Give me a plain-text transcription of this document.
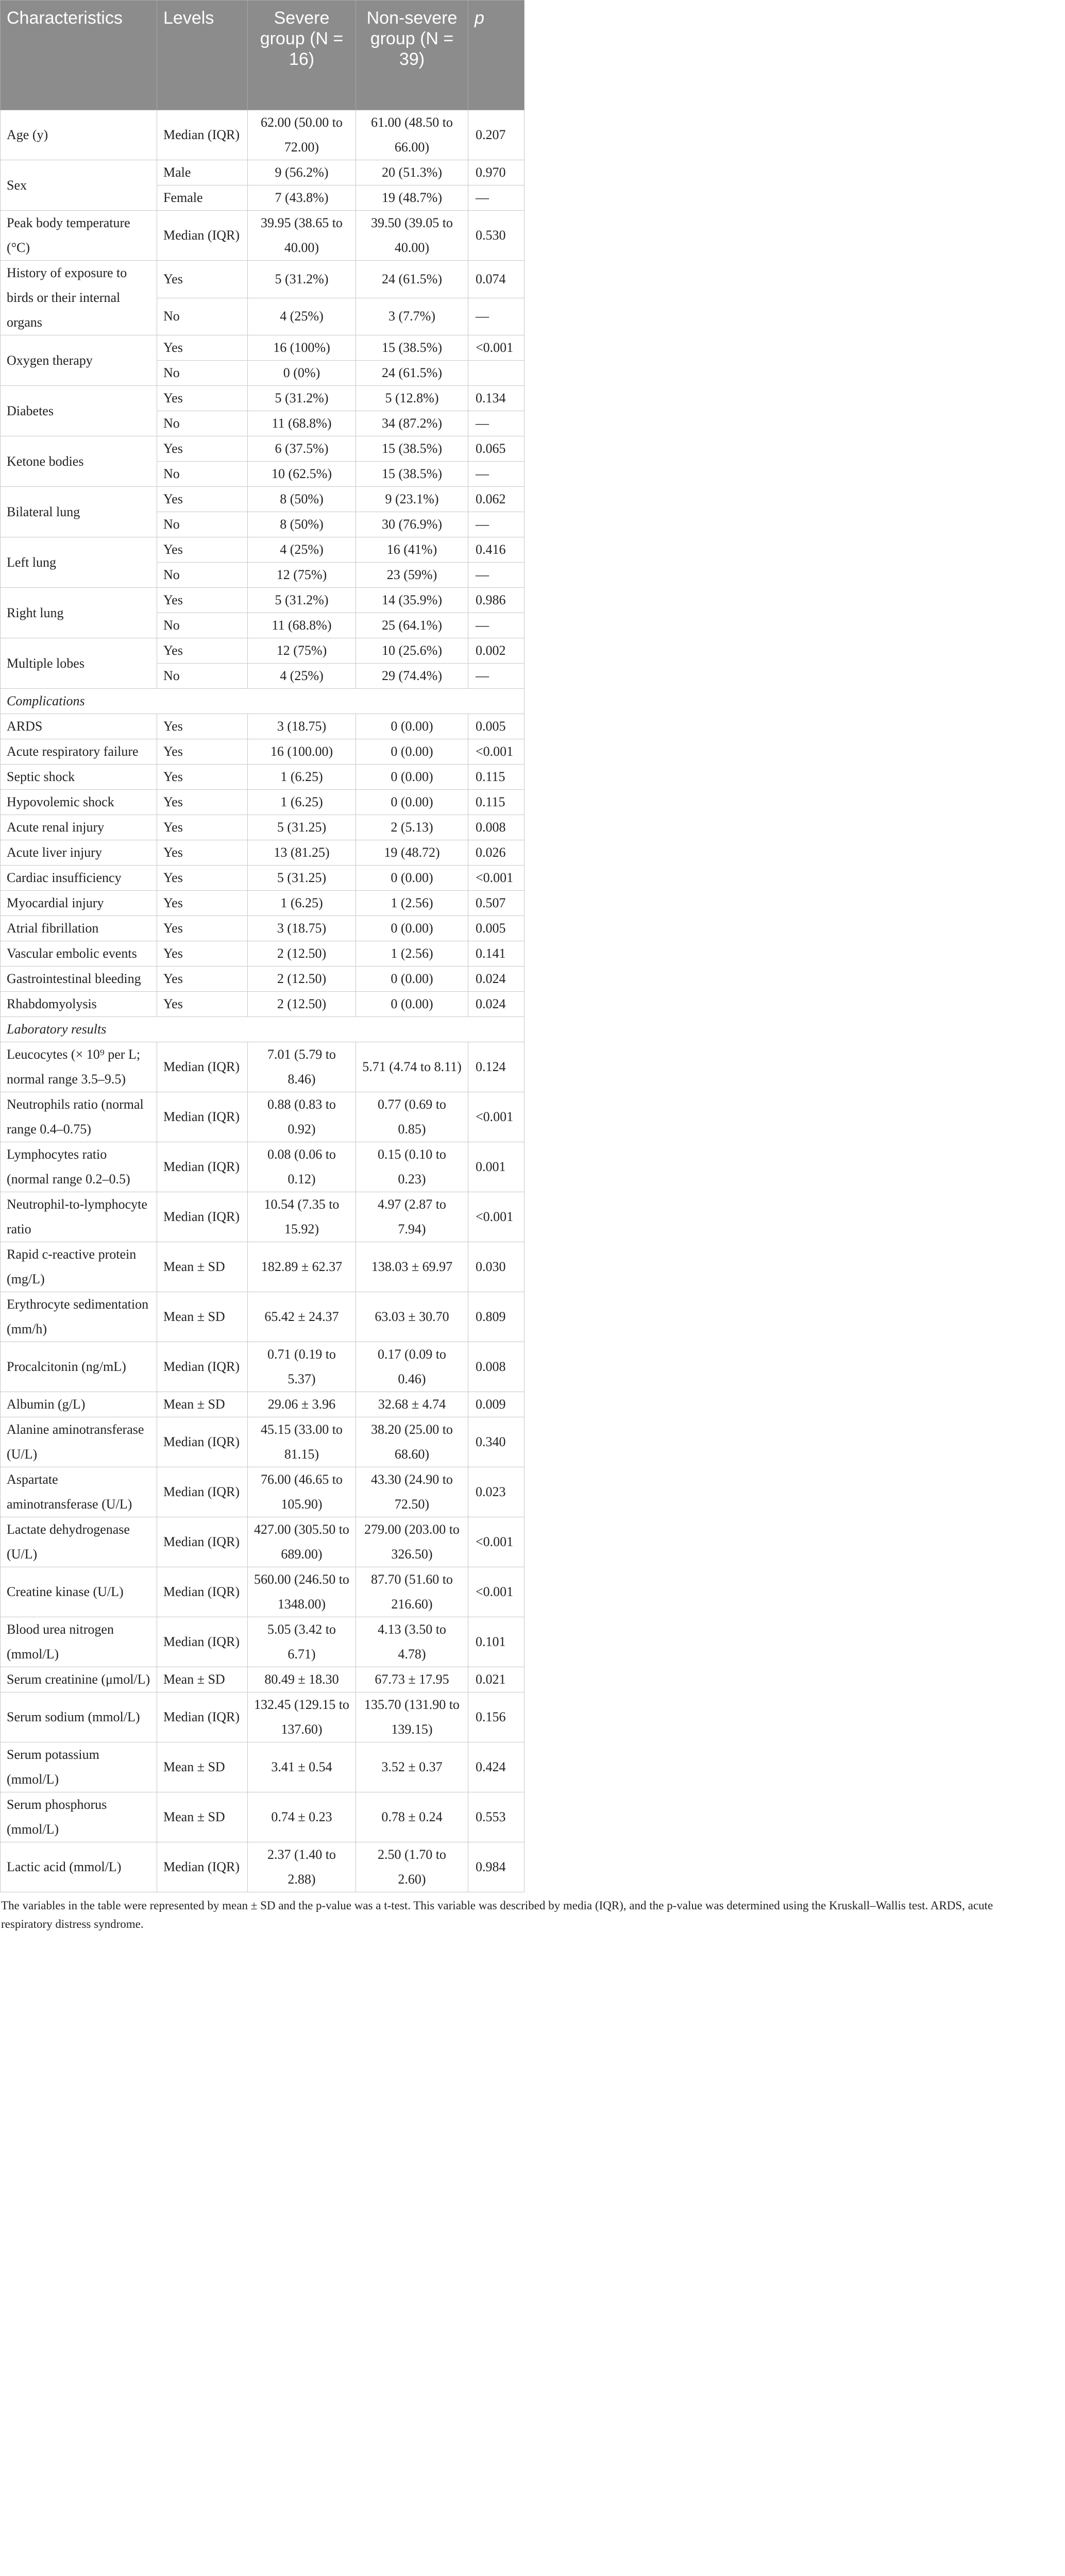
Characteristics	Levels	Severe group (N = 16)	Non-severe group (N = 39)	p
Age (y)	Median (IQR)	62.00 (50.00 to 72.00)	61.00 (48.50 to 66.00)	0.207
Sex	Male	9 (56.2%)	20 (51.3%)	0.970
	Female	7 (43.8%)	19 (48.7%)	—
Peak body temperature (°C)	Median (IQR)	39.95 (38.65 to 40.00)	39.50 (39.05 to 40.00)	0.530
History of exposure to birds or their internal organs	Yes	5 (31.2%)	24 (61.5%)	0.074
	No	4 (25%)	3 (7.7%)	—
Oxygen therapy	Yes	16 (100%)	15 (38.5%)	<0.001
	No	0 (0%)	24 (61.5%)	
Diabetes	Yes	5 (31.2%)	5 (12.8%)	0.134
	No	11 (68.8%)	34 (87.2%)	—
Ketone bodies	Yes	6 (37.5%)	15 (38.5%)	0.065
	No	10 (62.5%)	15 (38.5%)	—
Bilateral lung	Yes	8 (50%)	9 (23.1%)	0.062
	No	8 (50%)	30 (76.9%)	—
Left lung	Yes	4 (25%)	16 (41%)	0.416
	No	12 (75%)	23 (59%)	—
Right lung	Yes	5 (31.2%)	14 (35.9%)	0.986
	No	11 (68.8%)	25 (64.1%)	—
Multiple lobes	Yes	12 (75%)	10 (25.6%)	0.002
	No	4 (25%)	29 (74.4%)	—
Complications				
ARDS	Yes	3 (18.75)	0 (0.00)	0.005
Acute respiratory failure	Yes	16 (100.00)	0 (0.00)	<0.001
Septic shock	Yes	1 (6.25)	0 (0.00)	0.115
Hypovolemic shock	Yes	1 (6.25)	0 (0.00)	0.115
Acute renal injury	Yes	5 (31.25)	2 (5.13)	0.008
Acute liver injury	Yes	13 (81.25)	19 (48.72)	0.026
Cardiac insufficiency	Yes	5 (31.25)	0 (0.00)	<0.001
Myocardial injury	Yes	1 (6.25)	1 (2.56)	0.507
Atrial fibrillation	Yes	3 (18.75)	0 (0.00)	0.005
Vascular embolic events	Yes	2 (12.50)	1 (2.56)	0.141
Gastrointestinal bleeding	Yes	2 (12.50)	0 (0.00)	0.024
Rhabdomyolysis	Yes	2 (12.50)	0 (0.00)	0.024
Laboratory results				
Leucocytes (× 10⁹ per L; normal range 3.5–9.5)	Median (IQR)	7.01 (5.79 to 8.46)	5.71 (4.74 to 8.11)	0.124
Neutrophils ratio (normal range 0.4–0.75)	Median (IQR)	0.88 (0.83 to 0.92)	0.77 (0.69 to 0.85)	<0.001
Lymphocytes ratio (normal range 0.2–0.5)	Median (IQR)	0.08 (0.06 to 0.12)	0.15 (0.10 to 0.23)	0.001
Neutrophil-to-lymphocyte ratio	Median (IQR)	10.54 (7.35 to 15.92)	4.97 (2.87 to 7.94)	<0.001
Rapid c-reactive protein (mg/L)	Mean ± SD	182.89 ± 62.37	138.03 ± 69.97	0.030
Erythrocyte sedimentation (mm/h)	Mean ± SD	65.42 ± 24.37	63.03 ± 30.70	0.809
Procalcitonin (ng/mL)	Median (IQR)	0.71 (0.19 to 5.37)	0.17 (0.09 to 0.46)	0.008
Albumin (g/L)	Mean ± SD	29.06 ± 3.96	32.68 ± 4.74	0.009
Alanine aminotransferase (U/L)	Median (IQR)	45.15 (33.00 to 81.15)	38.20 (25.00 to 68.60)	0.340
Aspartate aminotransferase (U/L)	Median (IQR)	76.00 (46.65 to 105.90)	43.30 (24.90 to 72.50)	0.023
Lactate dehydrogenase (U/L)	Median (IQR)	427.00 (305.50 to 689.00)	279.00 (203.00 to 326.50)	<0.001
Creatine kinase (U/L)	Median (IQR)	560.00 (246.50 to 1348.00)	87.70 (51.60 to 216.60)	<0.001
Blood urea nitrogen (mmol/L)	Median (IQR)	5.05 (3.42 to 6.71)	4.13 (3.50 to 4.78)	0.101
Serum creatinine (μmol/L)	Mean ± SD	80.49 ± 18.30	67.73 ± 17.95	0.021
Serum sodium (mmol/L)	Median (IQR)	132.45 (129.15 to 137.60)	135.70 (131.90 to 139.15)	0.156
Serum potassium (mmol/L)	Mean ± SD	3.41 ± 0.54	3.52 ± 0.37	0.424
Serum phosphorus (mmol/L)	Mean ± SD	0.74 ± 0.23	0.78 ± 0.24	0.553
Lactic acid (mmol/L)	Median (IQR)	2.37 (1.40 to 2.88)	2.50 (1.70 to 2.60)	0.984
The variables in the table were represented by mean ± SD and the p-value was a t-test. This variable was described by media (IQR), and the p-value was determined using the Kruskall–Wallis test. ARDS, acute respiratory distress syndrome.
